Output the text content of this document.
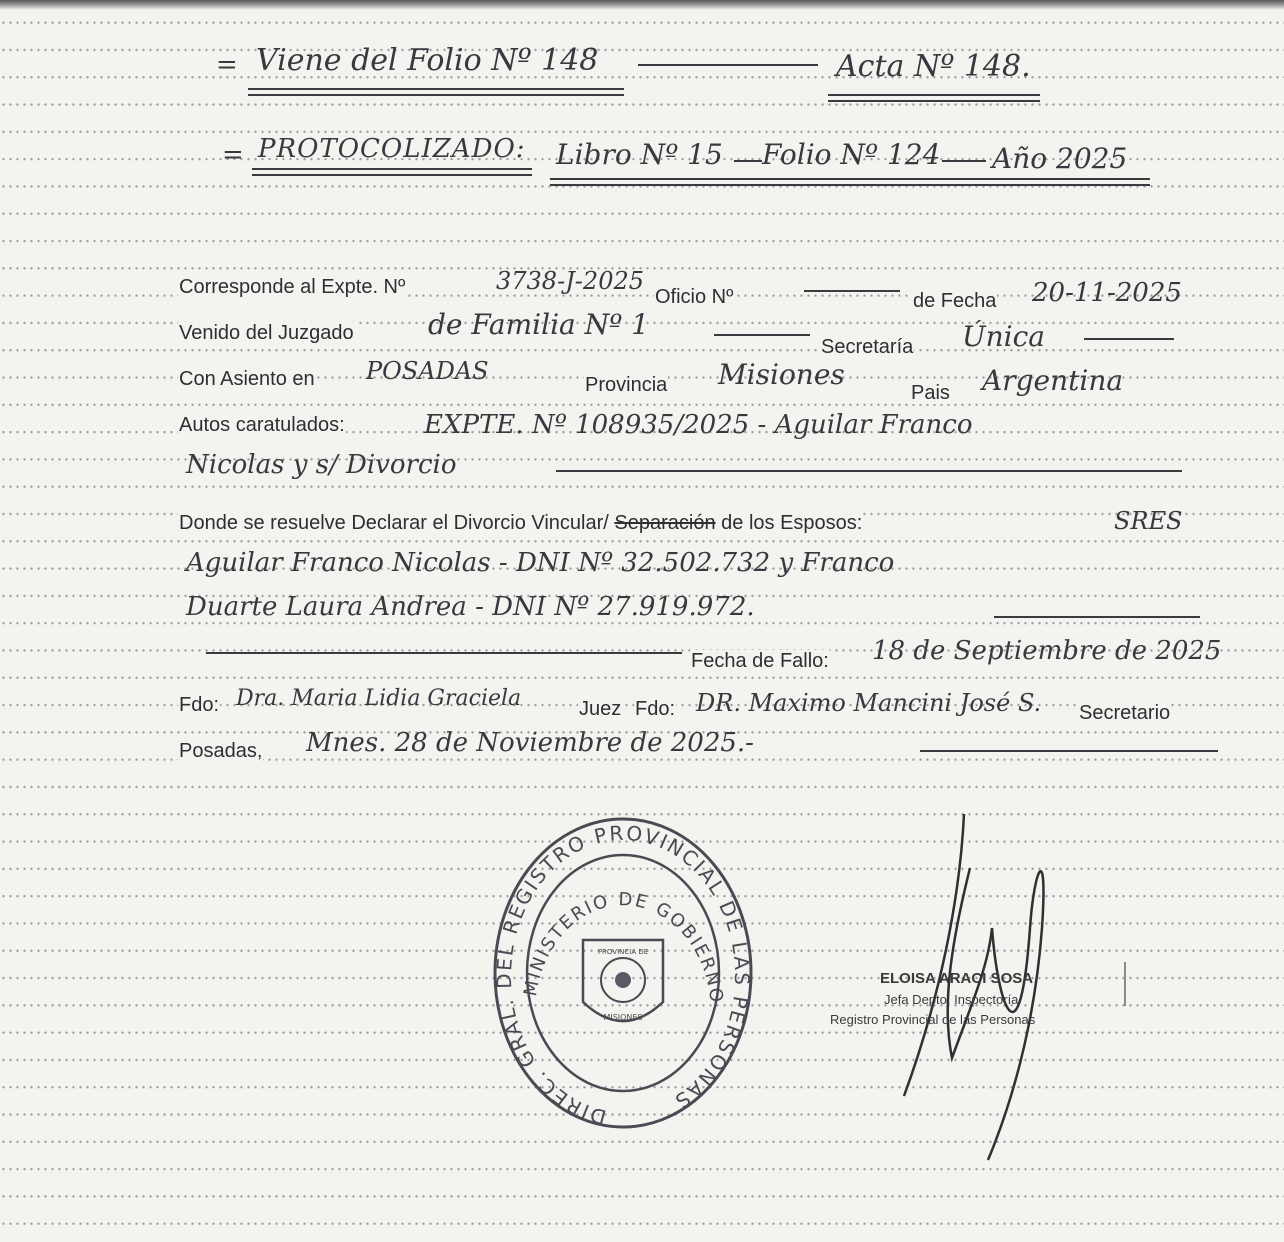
= Viene del Folio Nº 148	Acta Nº 148.
= PROTOCOLIZADO: Libro Nº 15 Folio Nº 124 Año 2025
Corresponde al Expte. Nº	3738-J-2025
Oficio Nº	de Fecha 20-11-2025
Venido del Juzgado	de Familia Nº 1
Secretaría Única
Con Asiento en POSADAS	Provincia Misiones
Pais Argentina
Autos caratulados:	EXPTE. Nº 108935/2025 - Aguilar Franco
Nicolas y s/ Divorcio
Donde se resuelve Declarar el Divorcio Vincular/ Separación de los Esposos:	SRES
Aguilar Franco Nicolas - DNI Nº 32.502.732 y Franco
Duarte Laura Andrea - DNI Nº 27.919.972.
Fecha de Fallo: 18 de Septiembre de 2025
Fdo: Dra. Maria Lidia Graciela	Juez Fdo: DR. Maximo Mancini José S. Secretario
Posadas, Mnes. 28 de Noviembre de 2025.-
DIREC. GRAL. DEL REGISTRO PROVINCIAL DE LAS PERSONAS
MINISTERIO DE GOBIERNO
PROVINCIA DE
MISIONES
ELOISA ARACI SOSA
Jefa Depto. Inspectoría
Registro Provincial de las Personas
